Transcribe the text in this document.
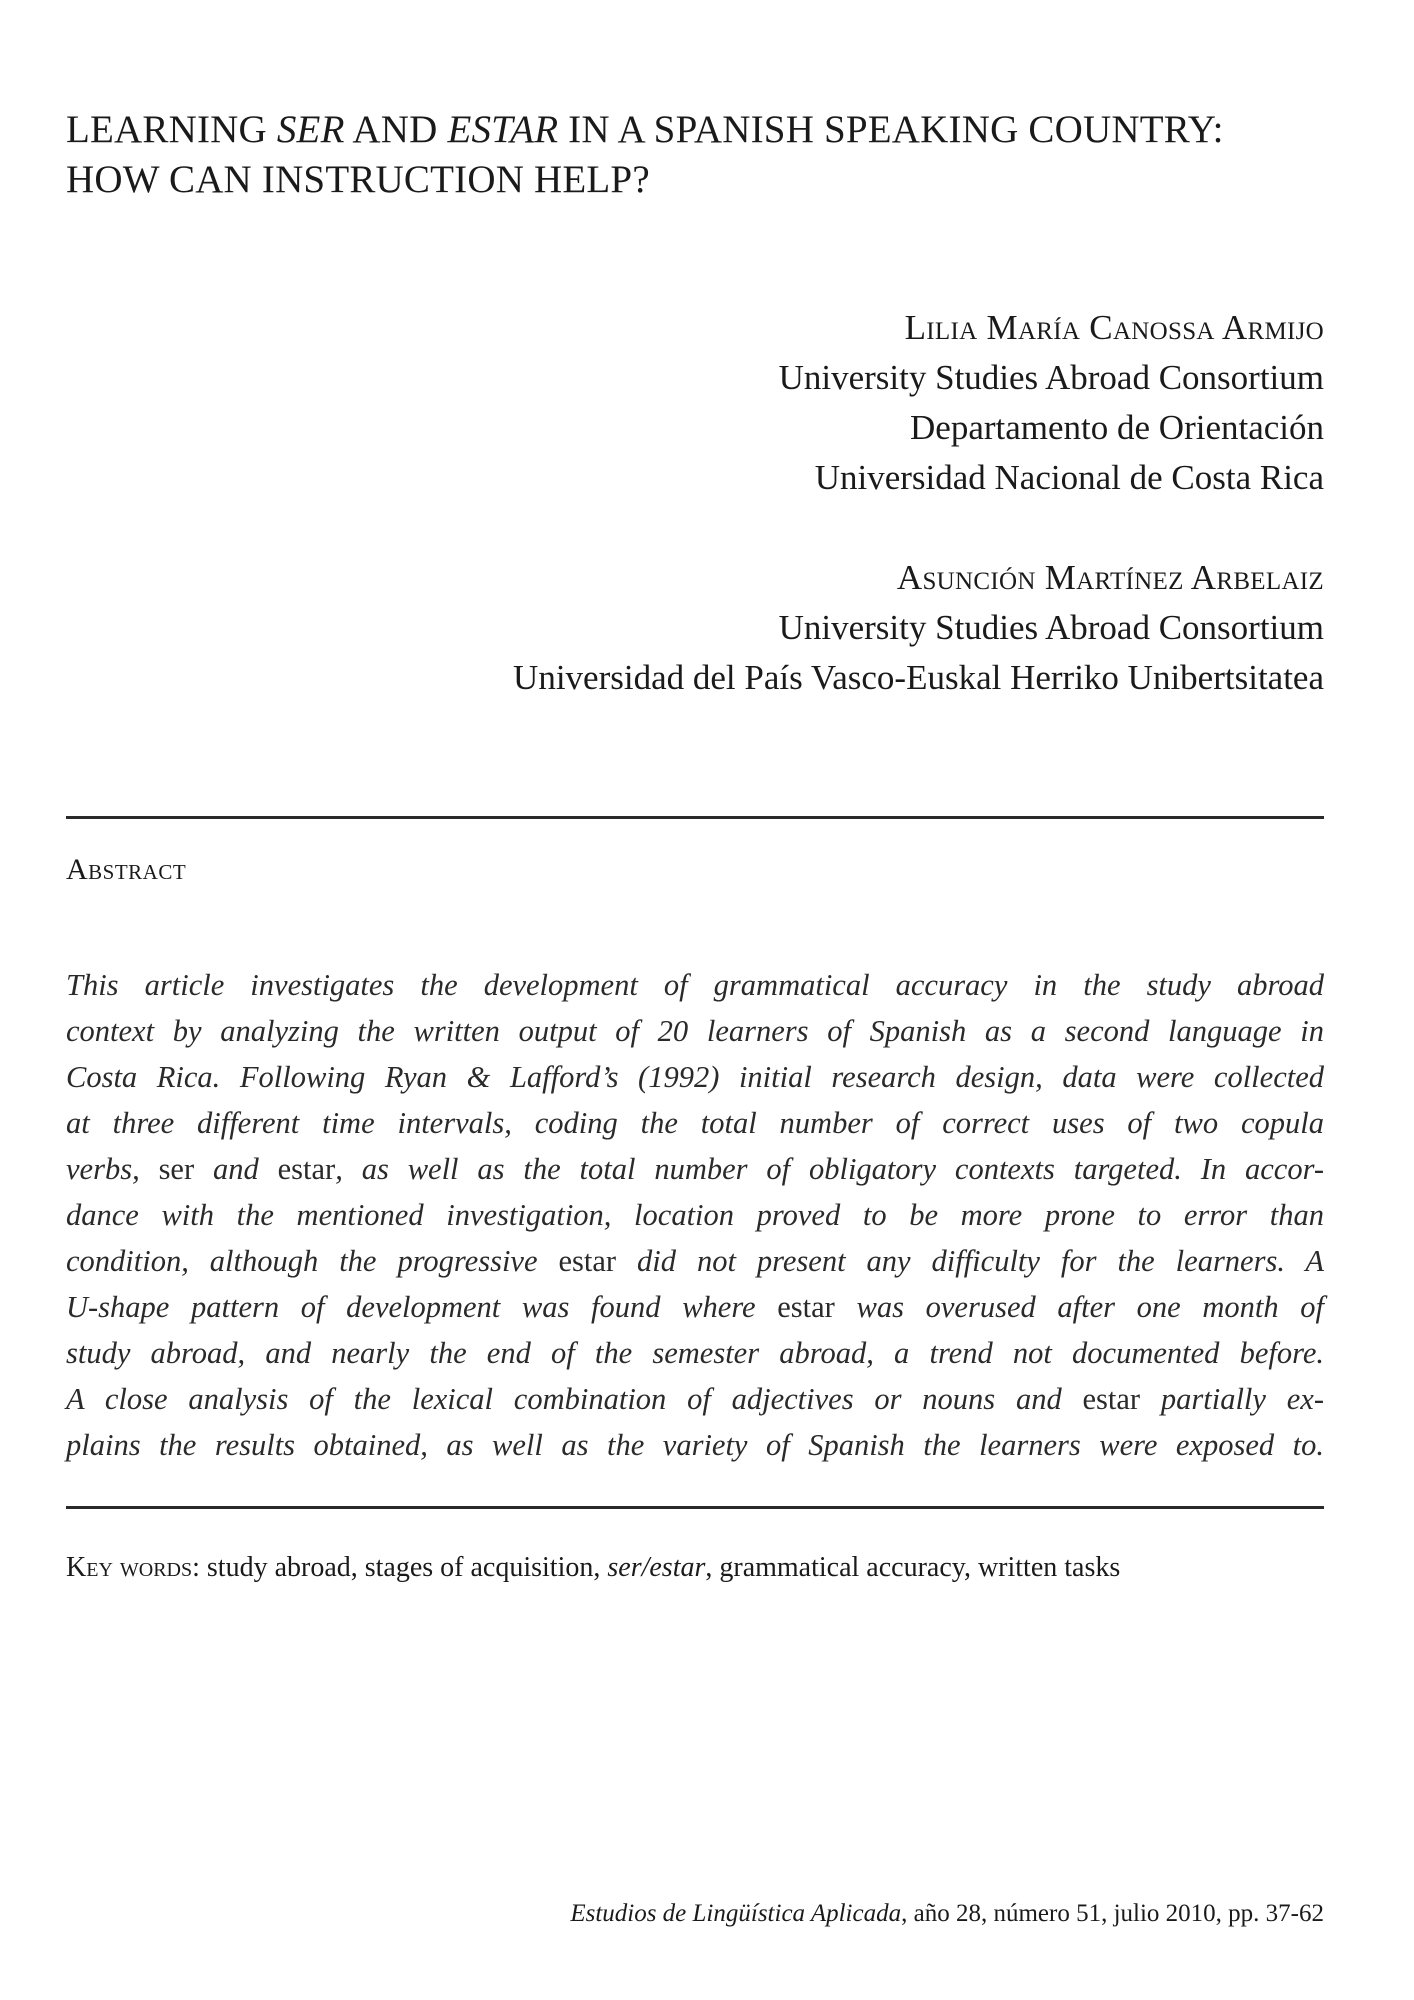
LEARNING SER AND ESTAR IN A SPANISH SPEAKING COUNTRY:
HOW CAN INSTRUCTION HELP?
Lilia María Canossa Armijo
University Studies Abroad Consortium
Departamento de Orientación
Universidad Nacional de Costa Rica
Asunción Martínez Arbelaiz
University Studies Abroad Consortium
Universidad del País Vasco-Euskal Herriko Unibertsitatea
Abstract
This article investigates the development of grammatical accuracy in the study abroad
context by analyzing the written output of 20 learners of Spanish as a second language in
Costa Rica. Following Ryan & Lafford’s (1992) initial research design, data were collected
at three different time intervals, coding the total number of correct uses of two copula
verbs, ser and estar, as well as the total number of obligatory contexts targeted. In accor-
dance with the mentioned investigation, location proved to be more prone to error than
condition, although the progressive estar did not present any difficulty for the learners. A
U-shape pattern of development was found where estar was overused after one month of
study abroad, and nearly the end of the semester abroad, a trend not documented before.
A close analysis of the lexical combination of adjectives or nouns and estar partially ex-
plains the results obtained, as well as the variety of Spanish the learners were exposed to.
Key words: study abroad, stages of acquisition, ser/estar, grammatical accuracy, written tasks
Estudios de Lingüística Aplicada, año 28, número 51, julio 2010, pp. 37-62
